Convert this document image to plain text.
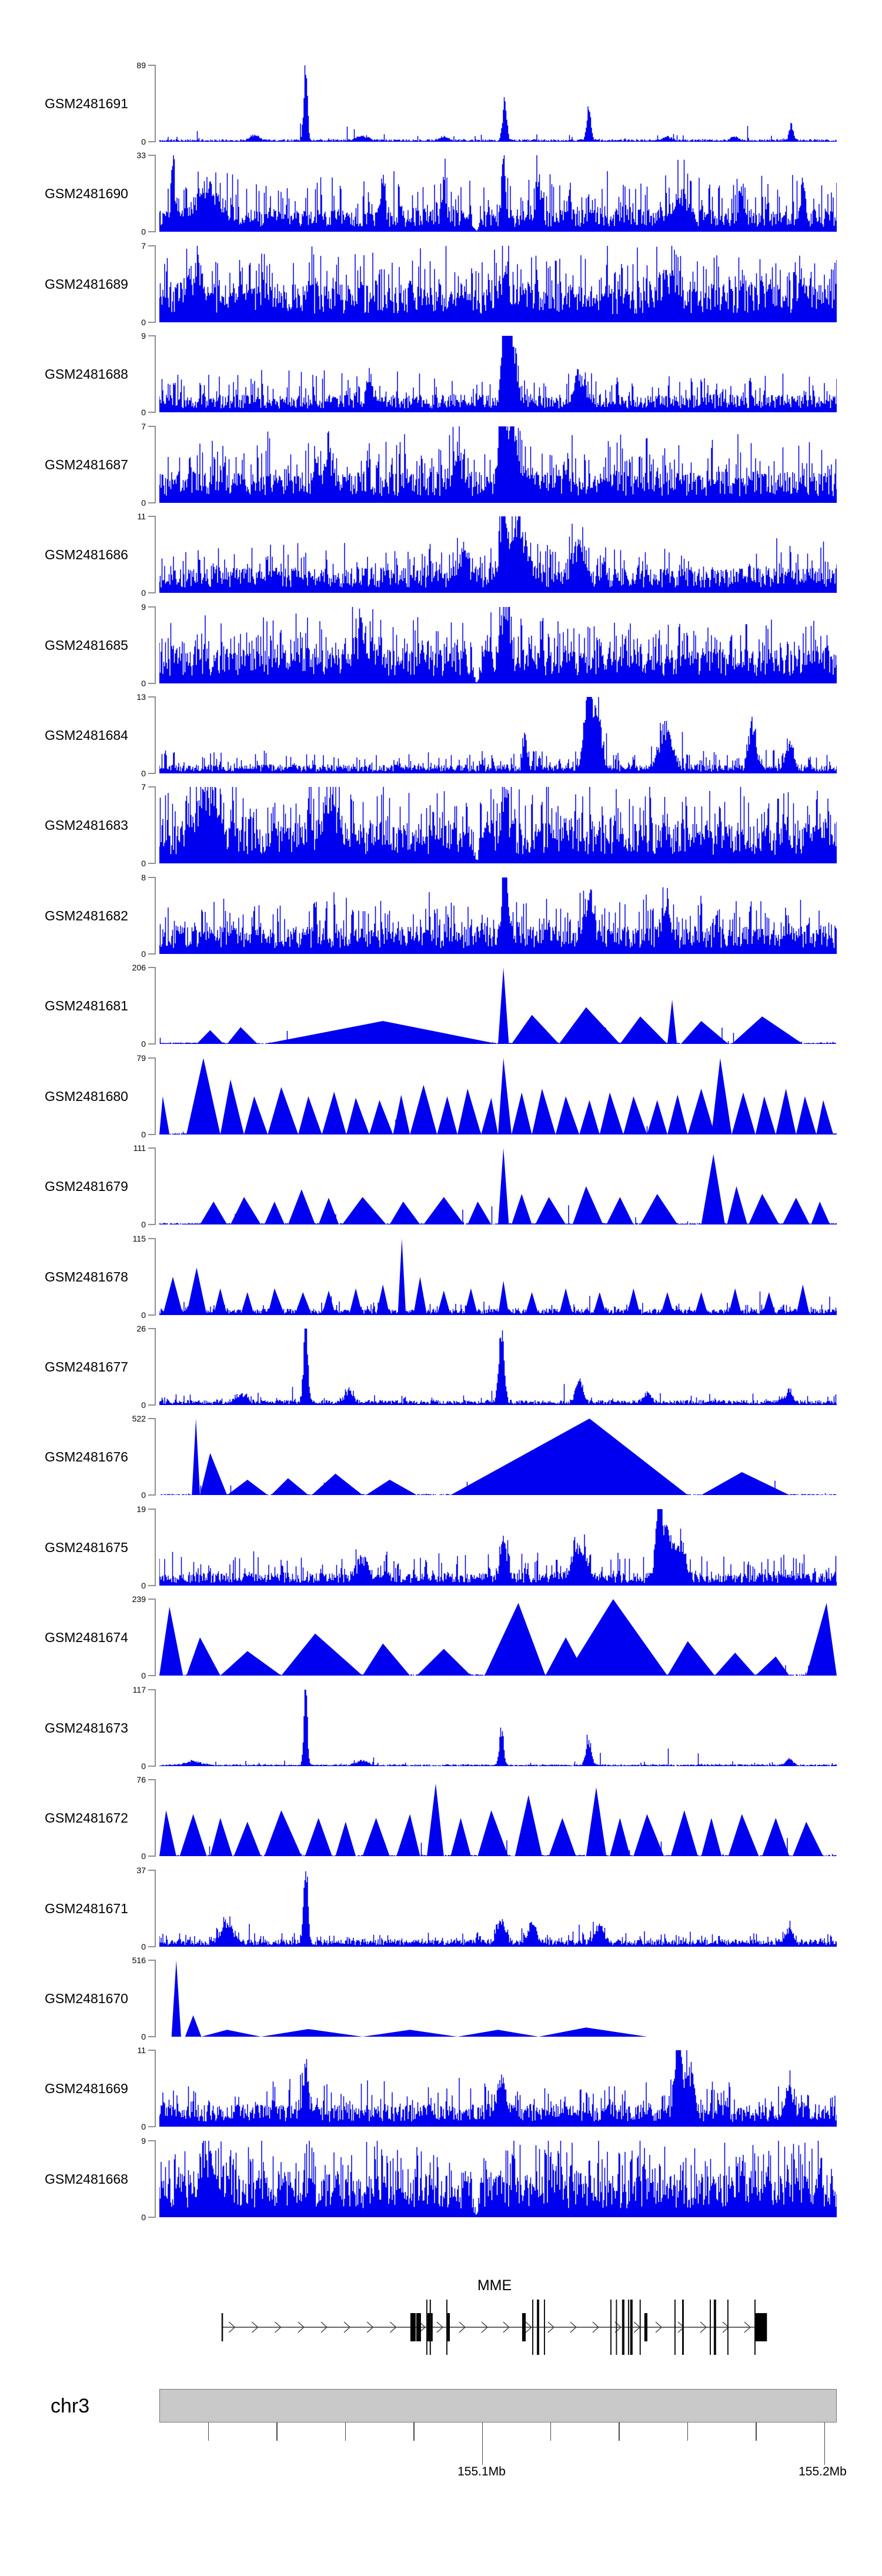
GSM2481691
89
0
GSM2481690
33
0
GSM2481689
7
0
GSM2481688
9
0
GSM2481687
7
0
GSM2481686
11
0
GSM2481685
9
0
GSM2481684
13
0
GSM2481683
7
0
GSM2481682
8
0
GSM2481681
206
0
GSM2481680
79
0
GSM2481679
111
0
GSM2481678
115
0
GSM2481677
26
0
GSM2481676
522
0
GSM2481675
19
0
GSM2481674
239
0
GSM2481673
117
0
GSM2481672
76
0
GSM2481671
37
0
GSM2481670
516
0
GSM2481669
11
0
GSM2481668
9
0
MME
chr3
155.1Mb	155.2Mb
